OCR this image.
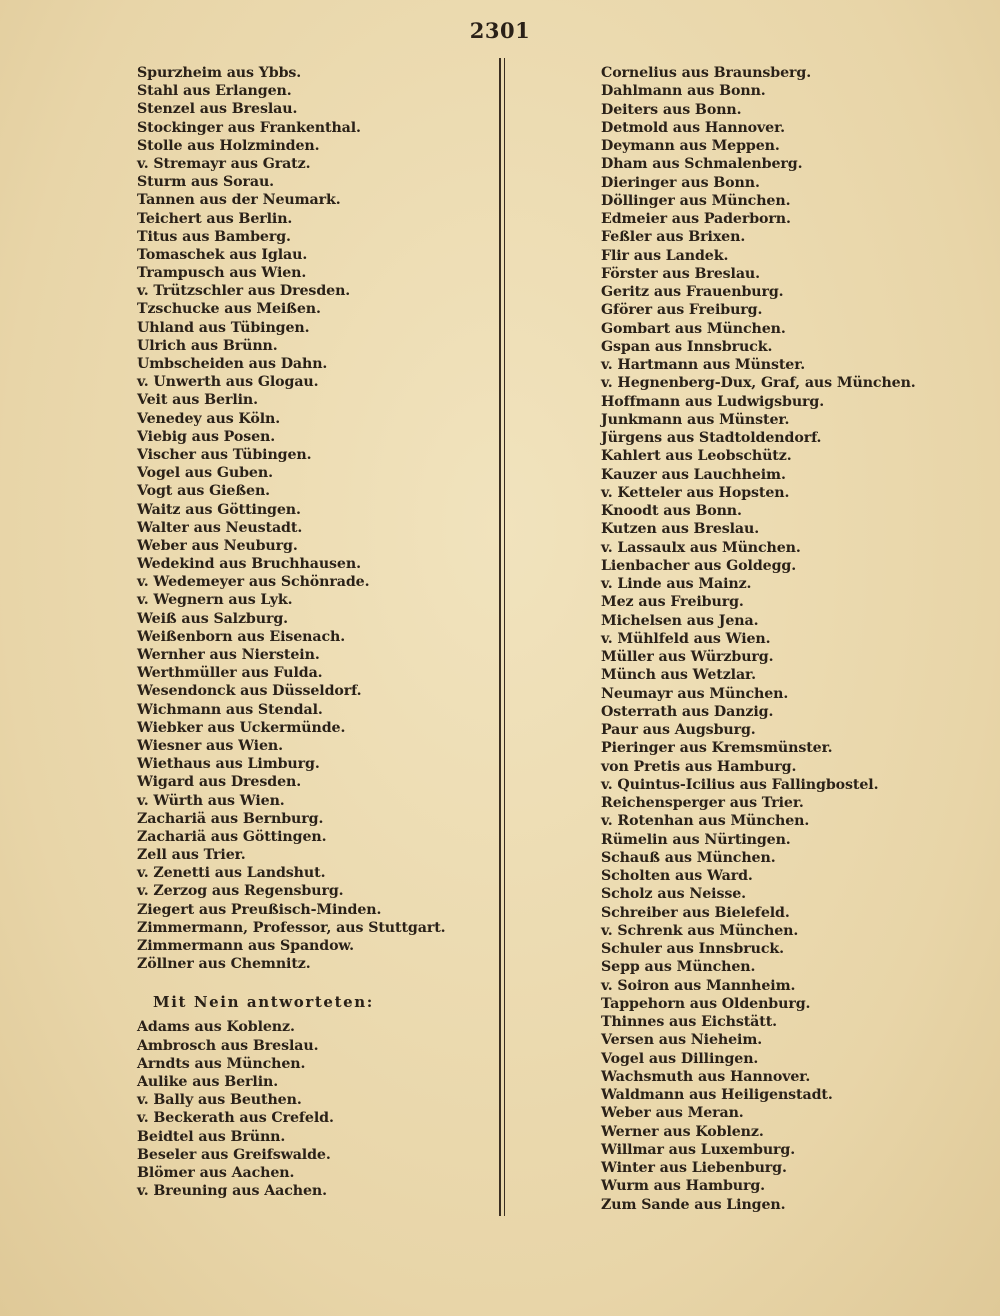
2301
Spurzheim aus Ybbs.
Stahl aus Erlangen.
Stenzel aus Breslau.
Stockinger aus Frankenthal.
Stolle aus Holzminden.
v. Stremayr aus Gratz.
Sturm aus Sorau.
Tannen aus der Neumark.
Teichert aus Berlin.
Titus aus Bamberg.
Tomaschek aus Iglau.
Trampusch aus Wien.
v. Trützschler aus Dresden.
Tzschucke aus Meißen.
Uhland aus Tübingen.
Ulrich aus Brünn.
Umbscheiden aus Dahn.
v. Unwerth aus Glogau.
Veit aus Berlin.
Venedey aus Köln.
Viebig aus Posen.
Vischer aus Tübingen.
Vogel aus Guben.
Vogt aus Gießen.
Waitz aus Göttingen.
Walter aus Neustadt.
Weber aus Neuburg.
Wedekind aus Bruchhausen.
v. Wedemeyer aus Schönrade.
v. Wegnern aus Lyk.
Weiß aus Salzburg.
Weißenborn aus Eisenach.
Wernher aus Nierstein.
Werthmüller aus Fulda.
Wesendonck aus Düsseldorf.
Wichmann aus Stendal.
Wiebker aus Uckermünde.
Wiesner aus Wien.
Wiethaus aus Limburg.
Wigard aus Dresden.
v. Würth aus Wien.
Zachariä aus Bernburg.
Zachariä aus Göttingen.
Zell aus Trier.
v. Zenetti aus Landshut.
v. Zerzog aus Regensburg.
Ziegert aus Preußisch-Minden.
Zimmermann, Professor, aus Stuttgart.
Zimmermann aus Spandow.
Zöllner aus Chemnitz.
Mit Nein antworteten:
Adams aus Koblenz.
Ambrosch aus Breslau.
Arndts aus München.
Aulike aus Berlin.
v. Bally aus Beuthen.
v. Beckerath aus Crefeld.
Beidtel aus Brünn.
Beseler aus Greifswalde.
Blömer aus Aachen.
v. Breuning aus Aachen.
Cornelius aus Braunsberg.
Dahlmann aus Bonn.
Deiters aus Bonn.
Detmold aus Hannover.
Deymann aus Meppen.
Dham aus Schmalenberg.
Dieringer aus Bonn.
Döllinger aus München.
Edmeier aus Paderborn.
Feßler aus Brixen.
Flir aus Landek.
Förster aus Breslau.
Geritz aus Frauenburg.
Gförer aus Freiburg.
Gombart aus München.
Gspan aus Innsbruck.
v. Hartmann aus Münster.
v. Hegnenberg-Dux, Graf, aus München.
Hoffmann aus Ludwigsburg.
Junkmann aus Münster.
Jürgens aus Stadtoldendorf.
Kahlert aus Leobschütz.
Kauzer aus Lauchheim.
v. Ketteler aus Hopsten.
Knoodt aus Bonn.
Kutzen aus Breslau.
v. Lassaulx aus München.
Lienbacher aus Goldegg.
v. Linde aus Mainz.
Mez aus Freiburg.
Michelsen aus Jena.
v. Mühlfeld aus Wien.
Müller aus Würzburg.
Münch aus Wetzlar.
Neumayr aus München.
Osterrath aus Danzig.
Paur aus Augsburg.
Pieringer aus Kremsmünster.
von Pretis aus Hamburg.
v. Quintus-Icilius aus Fallingbostel.
Reichensperger aus Trier.
v. Rotenhan aus München.
Rümelin aus Nürtingen.
Schauß aus München.
Scholten aus Ward.
Scholz aus Neisse.
Schreiber aus Bielefeld.
v. Schrenk aus München.
Schuler aus Innsbruck.
Sepp aus München.
v. Soiron aus Mannheim.
Tappehorn aus Oldenburg.
Thinnes aus Eichstätt.
Versen aus Nieheim.
Vogel aus Dillingen.
Wachsmuth aus Hannover.
Waldmann aus Heiligenstadt.
Weber aus Meran.
Werner aus Koblenz.
Willmar aus Luxemburg.
Winter aus Liebenburg.
Wurm aus Hamburg.
Zum Sande aus Lingen.
